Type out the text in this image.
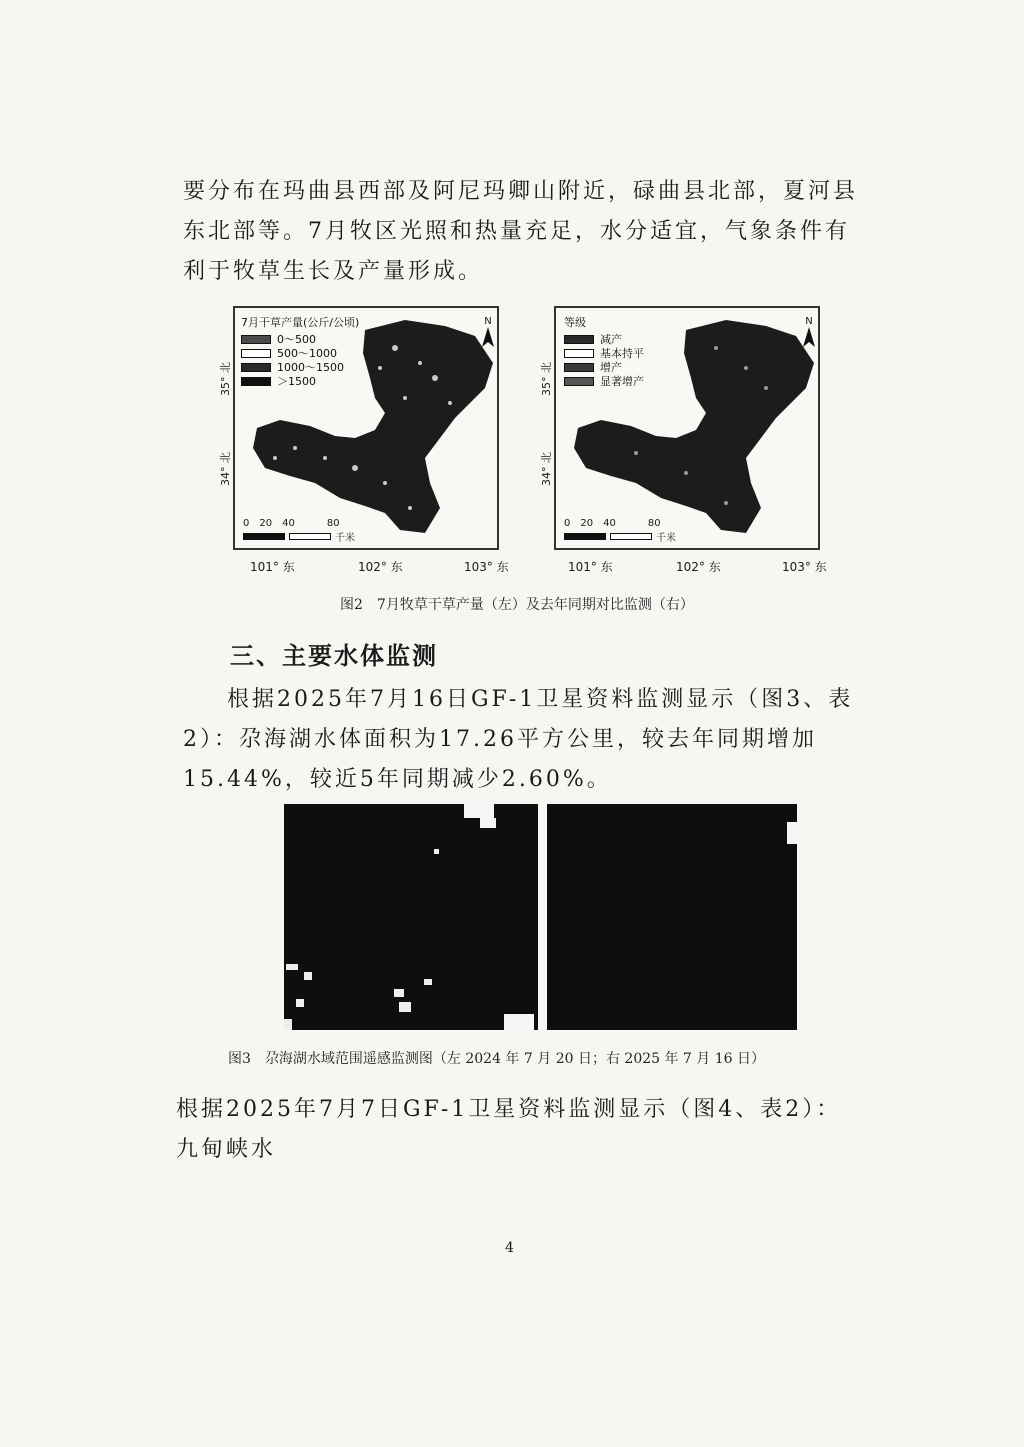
要分布在玛曲县西部及阿尼玛卿山附近，碌曲县北部，夏河县东北部等。7月牧区光照和热量充足，水分适宜，气象条件有利于牧草生长及产量形成。

7月干草产量(公斤/公顷)
0～500
500～1000
1000～1500
＞1500
N
0 20 40	80
千米
35° 北
34° 北
101° 东	102° 东	103° 东
等级
减产
基本持平
增产
显著增产
N
0 20 40	80
千米
35° 北
34° 北
101° 东	102° 东	103° 东

图2　7月牧草干草产量（左）及去年同期对比监测（右）

三、主要水体监测

根据2025年7月16日GF-1卫星资料监测显示（图3、表2）：尕海湖水体面积为17.26平方公里，较去年同期增加15.44%，较近5年同期减少2.60%。

图3　尕海湖水域范围遥感监测图（左 2024 年 7 月 20 日；右 2025 年 7 月 16 日）

根据2025年7月7日GF-1卫星资料监测显示（图4、表2）：九甸峡水

4
